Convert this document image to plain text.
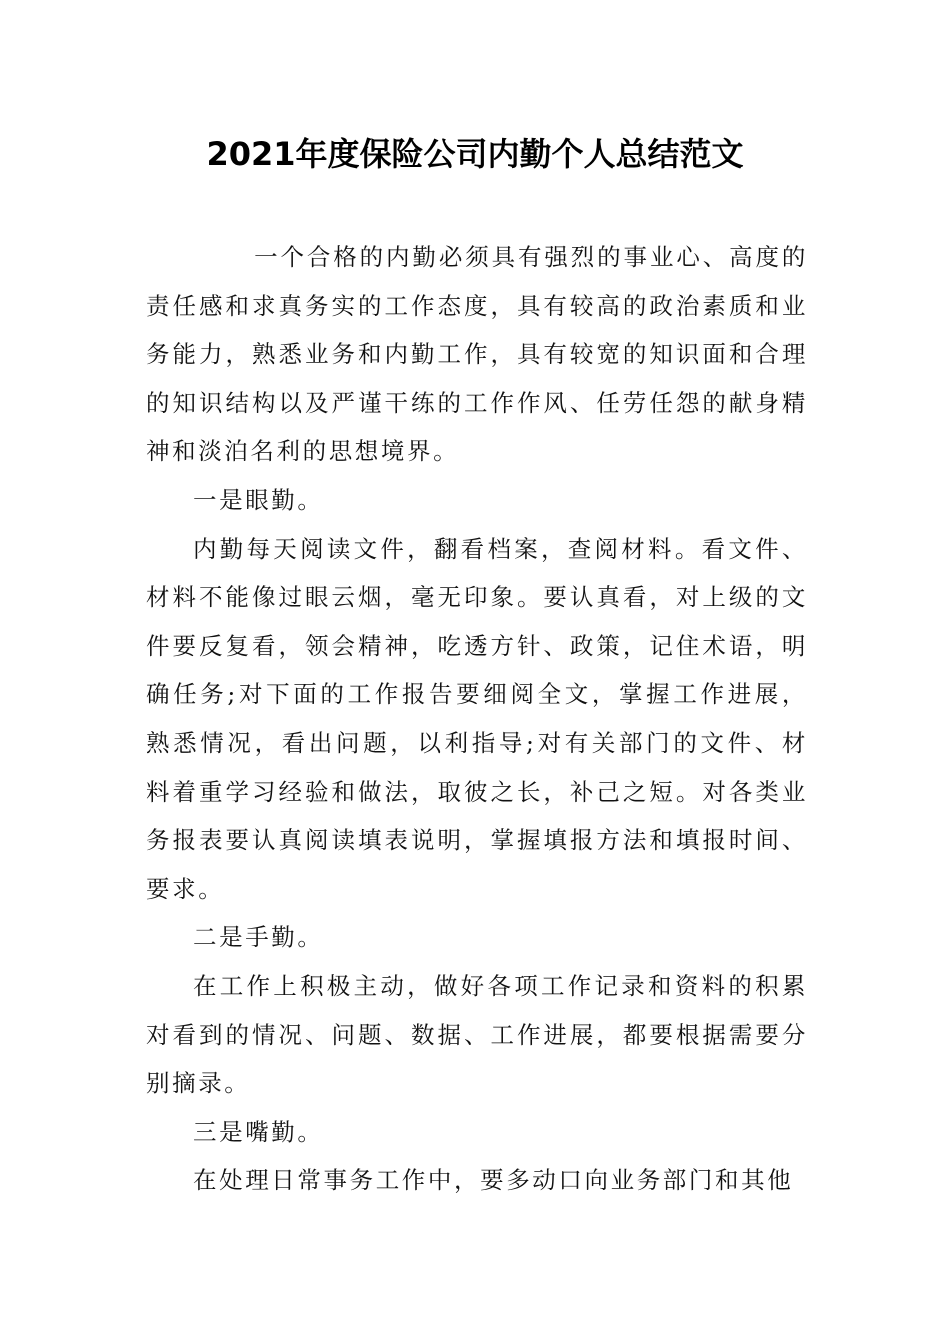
2021年度保险公司内勤个人总结范文

一个合格的内勤必须具有强烈的事业心、高度的责任感和求真务实的工作态度，具有较高的政治素质和业务能力，熟悉业务和内勤工作，具有较宽的知识面和合理的知识结构以及严谨干练的工作作风、任劳任怨的献身精神和淡泊名利的思想境界。

一是眼勤。

内勤每天阅读文件，翻看档案，查阅材料。看文件、材料不能像过眼云烟，毫无印象。要认真看，对上级的文件要反复看，领会精神，吃透方针、政策，记住术语，明确任务;对下面的工作报告要细阅全文，掌握工作进展，熟悉情况，看出问题，以利指导;对有关部门的文件、材料着重学习经验和做法，取彼之长，补己之短。对各类业务报表要认真阅读填表说明，掌握填报方法和填报时间、要求。

二是手勤。

在工作上积极主动，做好各项工作记录和资料的积累对看到的情况、问题、数据、工作进展，都要根据需要分别摘录。

三是嘴勤。

在处理日常事务工作中，要多动口向业务部门和其他
